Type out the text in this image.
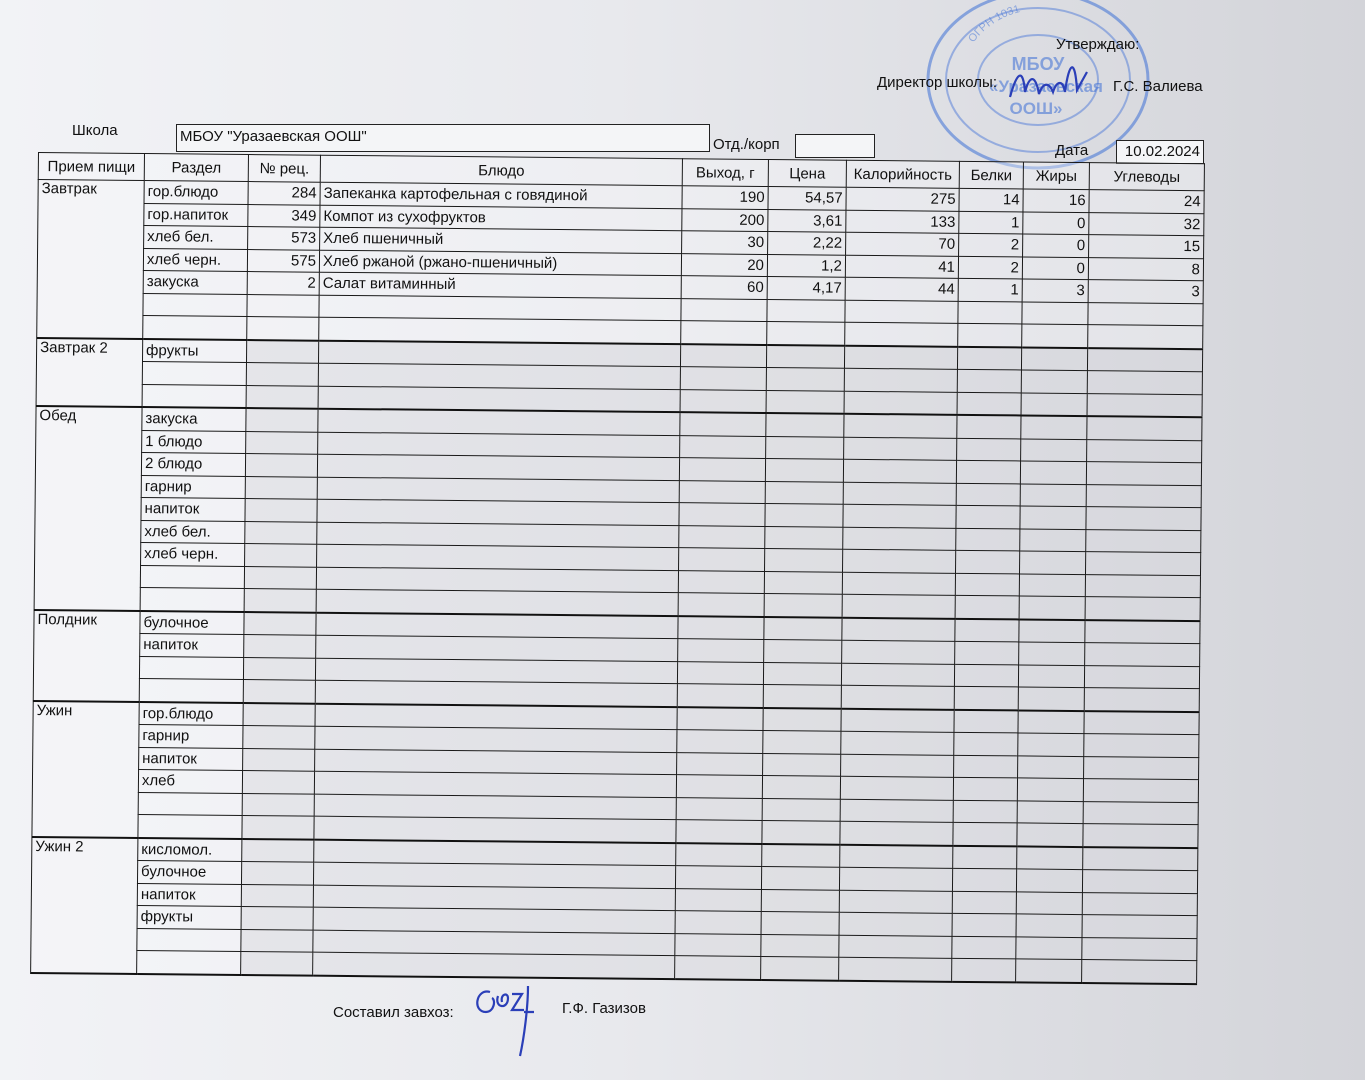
ОГРН 1031
МБОУ
«Уразаевская
ООШ»
Утверждаю:
Директор школы:	Г.С. Валиева
Школа	МБОУ "Уразаевская ООШ"	Отд./корп	Дата 10.02.2024
Прием пищи	Раздел	№ рец.	Блюдо	Выход, г	Цена	Калорийность	Белки	Жиры	Углеводы
Завтрак	гор.блюдо	284	Запеканка картофельная с говядиной	190	54,57	275	14	16	24
	гор.напиток	349	Компот из сухофруктов	200	3,61	133	1	0	32
	хлеб бел.	573	Хлеб пшеничный	30	2,22	70	2	0	15
	хлеб черн.	575	Хлеб ржаной (ржано-пшеничный)	20	1,2	41	2	0	8
	закуска	2	Салат витаминный	60	4,17	44	1	3	3

Завтрак 2	фрукты								

Обед	закуска								
	1 блюдо								
	2 блюдо								
	гарнир								
	напиток								
	хлеб бел.								
	хлеб черн.								

Полдник	булочное								
	напиток								

Ужин	гор.блюдо								
	гарнир								
	напиток								
	хлеб								

Ужин 2	кисломол.								
	булочное								
	напиток								
	фрукты								

Составил завхоз:	Г.Ф. Газизов
